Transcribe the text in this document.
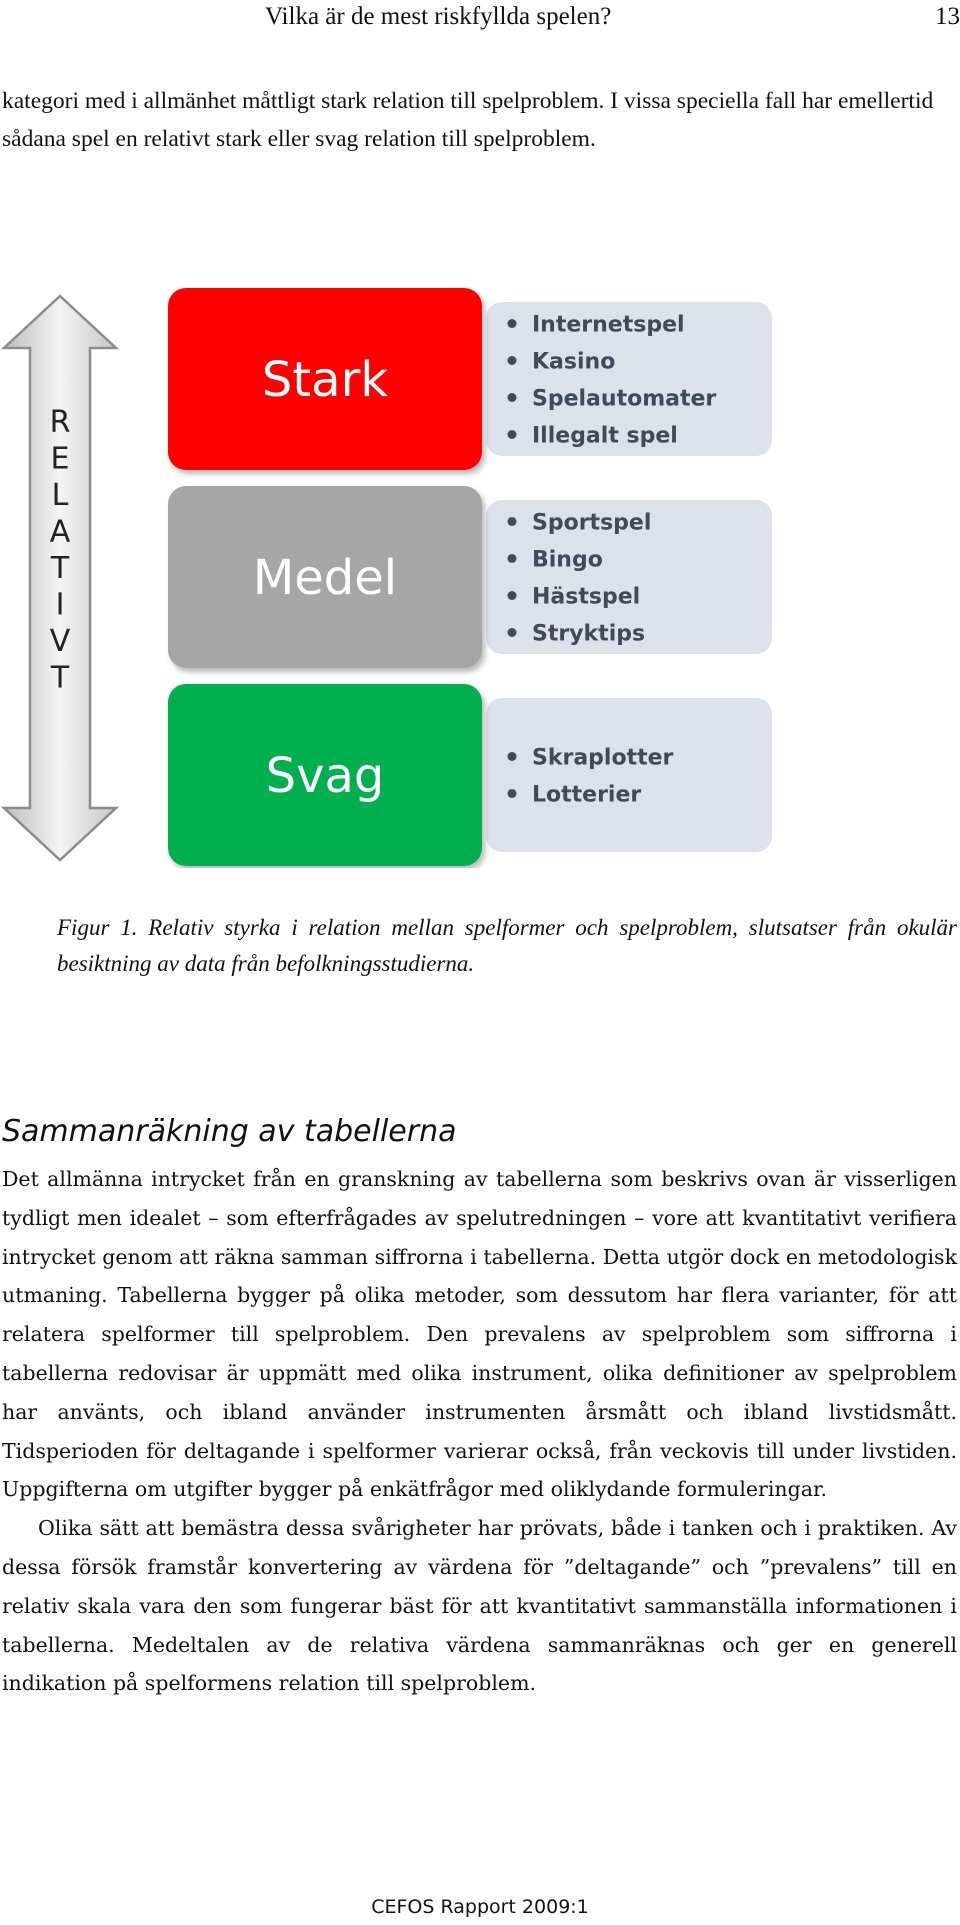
Vilka är de mest riskfyllda spelen?	13

kategori med i allmänhet måttligt stark relation till spelproblem. I vissa speciella fall har emellertid sådana spel en relativt stark eller svag relation till spelproblem.

R
E
L
A
T
I
V
T
Stark
Internetspel
Kasino
Spelautomater
Illegalt spel
Medel
Sportspel
Bingo
Hästspel
Stryktips
Svag	Skraplotter
Lotterier

Figur 1. Relativ styrka i relation mellan spelformer och spelproblem, slutsatser från okulär besiktning av data från befolkningsstudierna.

Sammanräkning av tabellerna

Det allmänna intrycket från en granskning av tabellerna som beskrivs ovan är visserligen tydligt men idealet – som efterfrågades av spelutredningen – vore att kvantitativt verifiera intrycket genom att räkna samman siffrorna i tabellerna. Detta utgör dock en metodologisk utmaning. Tabellerna bygger på olika metoder, som dessutom har flera varianter, för att relatera spelformer till spelproblem. Den prevalens av spelproblem som siffrorna i tabellerna redovisar är uppmätt med olika instrument, olika definitioner av spelproblem har använts, och ibland använder instrumenten årsmått och ibland livstidsmått. Tidsperioden för deltagande i spelformer varierar också, från veckovis till under livstiden. Uppgifterna om utgifter bygger på enkätfrågor med oliklydande formuleringar.

Olika sätt att bemästra dessa svårigheter har prövats, både i tanken och i praktiken. Av dessa försök framstår konvertering av värdena för ”deltagande” och ”prevalens” till en relativ skala vara den som fungerar bäst för att kvantitativt sammanställa informationen i tabellerna. Medeltalen av de relativa värdena sammanräknas och ger en generell indikation på spelformens relation till spelproblem.

CEFOS Rapport 2009:1
